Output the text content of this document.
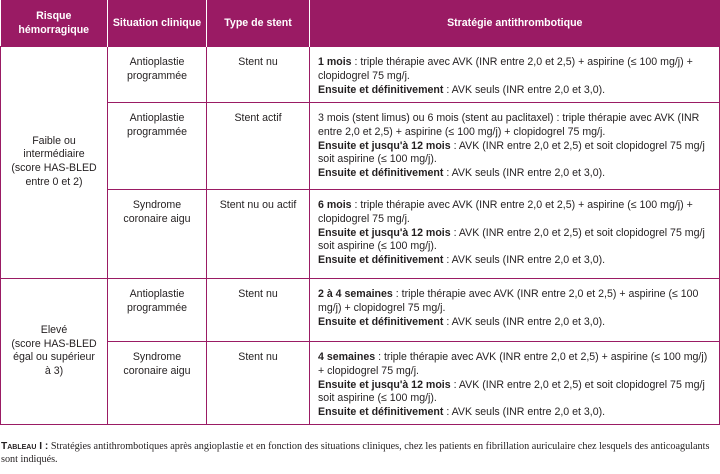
Risque hémorragique	Situation clinique	Type de stent	Stratégie antithrombotique

Faible ou
intermédiaire
(score HAS-BLED
entre 0 et 2)	Antioplastie
programmée	Stent nu	1 mois : triple thérapie avec AVK (INR entre 2,0 et 2,5) + aspirine (≤ 100 mg/j) + clopidogrel 75 mg/j.
Ensuite et définitivement : AVK seuls (INR entre 2,0 et 3,0).

	Antioplastie
programmée	Stent actif	3 mois (stent limus) ou 6 mois (stent au paclitaxel) : triple thérapie avec AVK (INR entre 2,0 et 2,5) + aspirine (≤ 100 mg/j) + clopidogrel 75 mg/j.
Ensuite et jusqu'à 12 mois : AVK (INR entre 2,0 et 2,5) et soit clopidogrel 75 mg/j soit aspirine (≤ 100 mg/j).
Ensuite et définitivement : AVK seuls (INR entre 2,0 et 3,0).

	Syndrome
coronaire aigu	Stent nu ou actif	6 mois : triple thérapie avec AVK (INR entre 2,0 et 2,5) + aspirine (≤ 100 mg/j) + clopidogrel 75 mg/j.
Ensuite et jusqu'à 12 mois : AVK (INR entre 2,0 et 2,5) et soit clopidogrel 75 mg/j soit aspirine (≤ 100 mg/j).
Ensuite et définitivement : AVK seuls (INR entre 2,0 et 3,0).

Elevé
(score HAS-BLED
égal ou supérieur
à 3)	Antioplastie
programmée	Stent nu	2 à 4 semaines : triple thérapie avec AVK (INR entre 2,0 et 2,5) + aspirine (≤ 100 mg/j) + clopidogrel 75 mg/j.
Ensuite et définitivement : AVK seuls (INR entre 2,0 et 3,0).

	Syndrome
coronaire aigu	Stent nu	4 semaines : triple thérapie avec AVK (INR entre 2,0 et 2,5) + aspirine (≤ 100 mg/j) + clopidogrel 75 mg/j.
Ensuite et jusqu'à 12 mois : AVK (INR entre 2,0 et 2,5) et soit clopidogrel 75 mg/j soit aspirine (≤ 100 mg/j).
Ensuite et définitivement : AVK seuls (INR entre 2,0 et 3,0).
Tableau I : Stratégies antithrombotiques après angioplastie et en fonction des situations cliniques, chez les patients en fibrillation auriculaire chez lesquels des anticoagulants sont indiqués.
